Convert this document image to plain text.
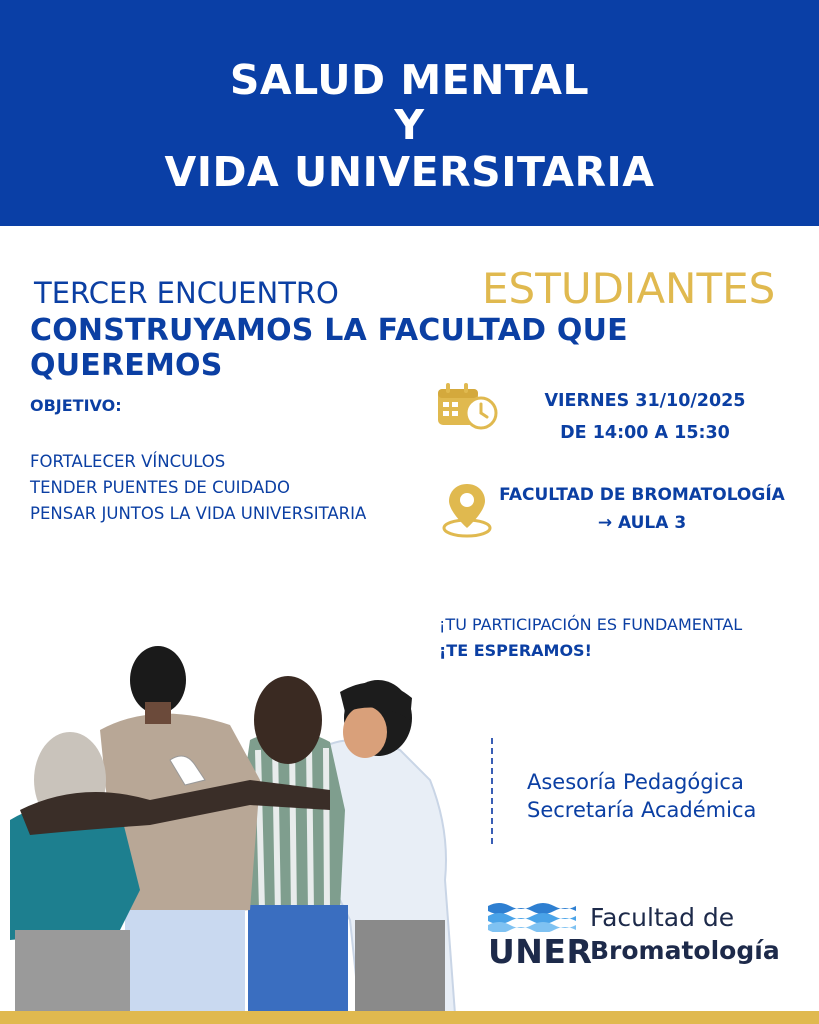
SALUD MENTAL
Y
VIDA UNIVERSITARIA
TERCER ENCUENTRO	ESTUDIANTES
CONSTRUYAMOS LA FACULTAD QUE QUEREMOS
OBJETIVO:
FORTALECER VÍNCULOS
TENDER PUENTES DE CUIDADO
PENSAR JUNTOS LA VIDA UNIVERSITARIA
VIERNES 31/10/2025
DE 14:00 A 15:30
FACULTAD DE BROMATOLOGÍA
→ AULA 3
¡TU PARTICIPACIÓN ES FUNDAMENTAL
¡TE ESPERAMOS!
Asesoría Pedagógica
Secretaría Académica
UNER
Facultad de
Bromatología
